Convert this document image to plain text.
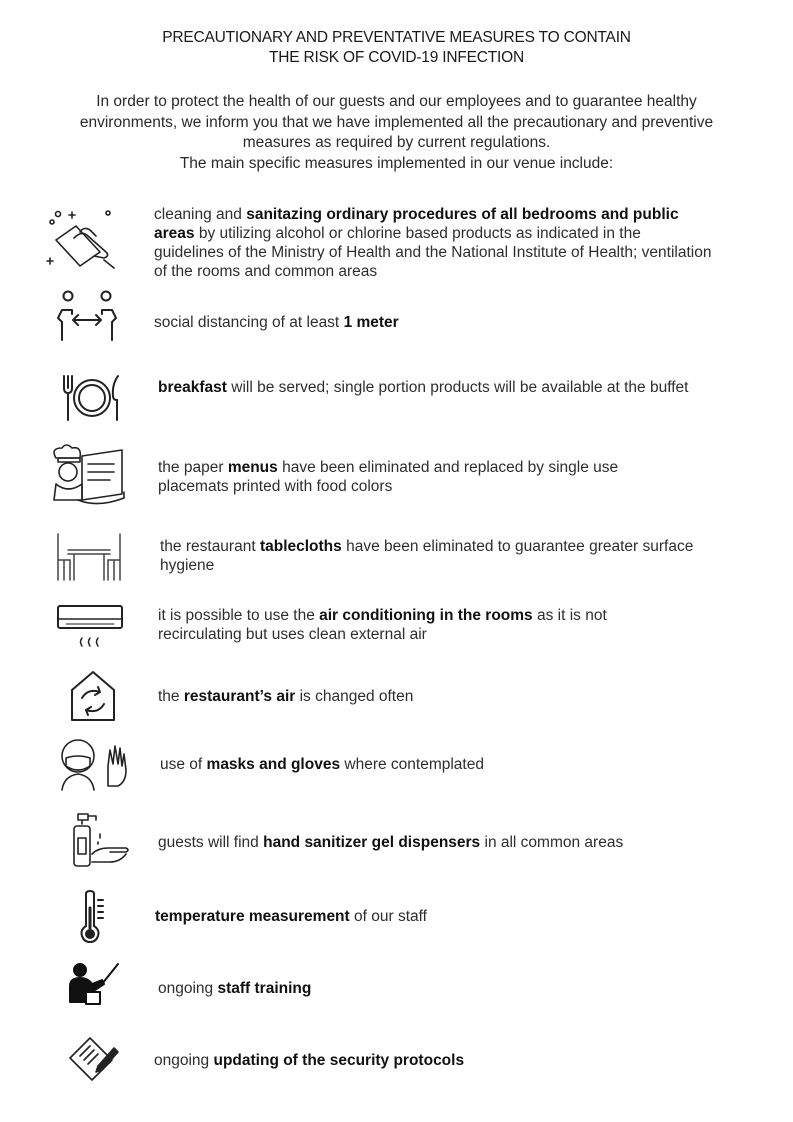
PRECAUTIONARY AND PREVENTATIVE MEASURES TO CONTAIN
THE RISK OF COVID-19 INFECTION
In order to protect the health of our guests and our employees and to guarantee healthy
environments, we inform you that we have implemented all the precautionary and preventive
measures as required by current regulations.
The main specific measures implemented in our venue include:
cleaning and sanitazing ordinary procedures of all bedrooms and public areas by utilizing alcohol or chlorine based products as indicated in the guidelines of the Ministry of Health and the National Institute of Health; ventilation of the rooms and common areas
social distancing of at least 1 meter
breakfast will be served; single portion products will be available at the buffet
the paper menus have been eliminated and replaced by single use placemats printed with food colors
the restaurant tablecloths have been eliminated to guarantee greater surface hygiene
it is possible to use the air conditioning in the rooms as it is not recirculating but uses clean external air
the restaurant’s air is changed often
use of masks and gloves where contemplated
guests will find hand sanitizer gel dispensers in all common areas
temperature measurement of our staff
ongoing staff training
ongoing updating of the security protocols
